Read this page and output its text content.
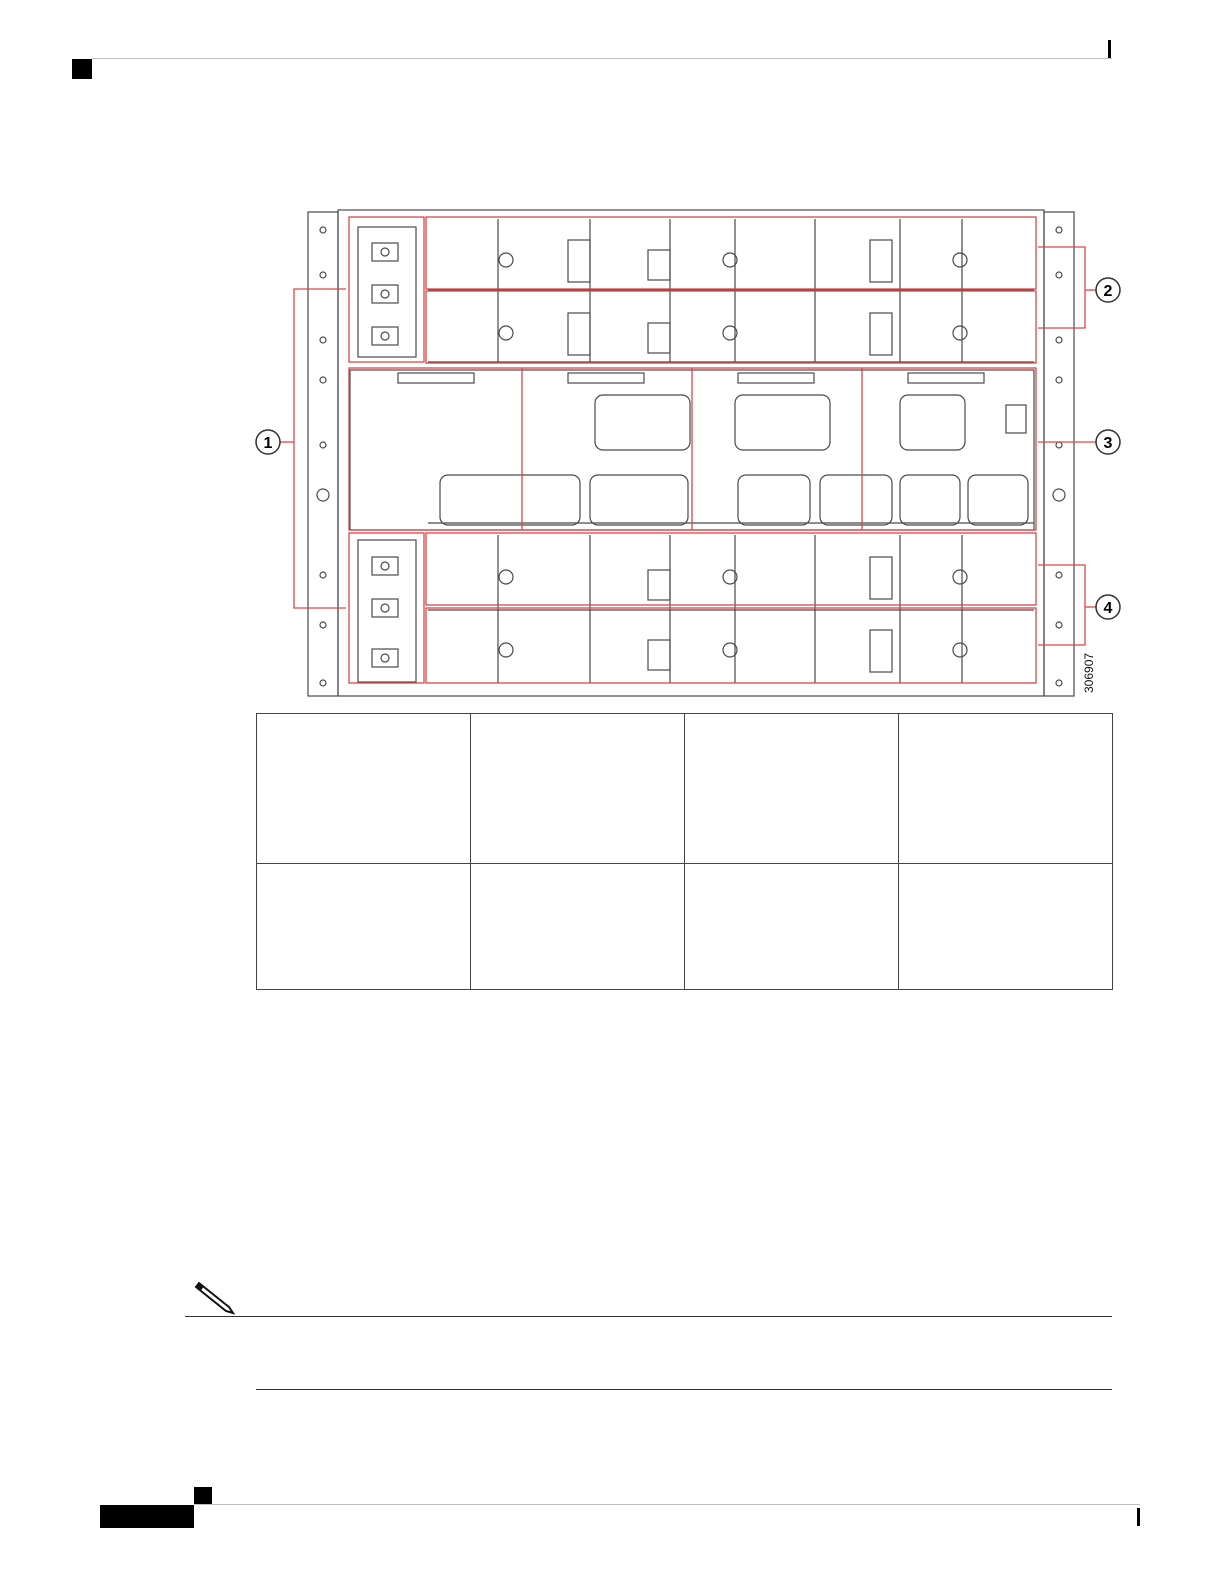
1
2
3
4
306907
